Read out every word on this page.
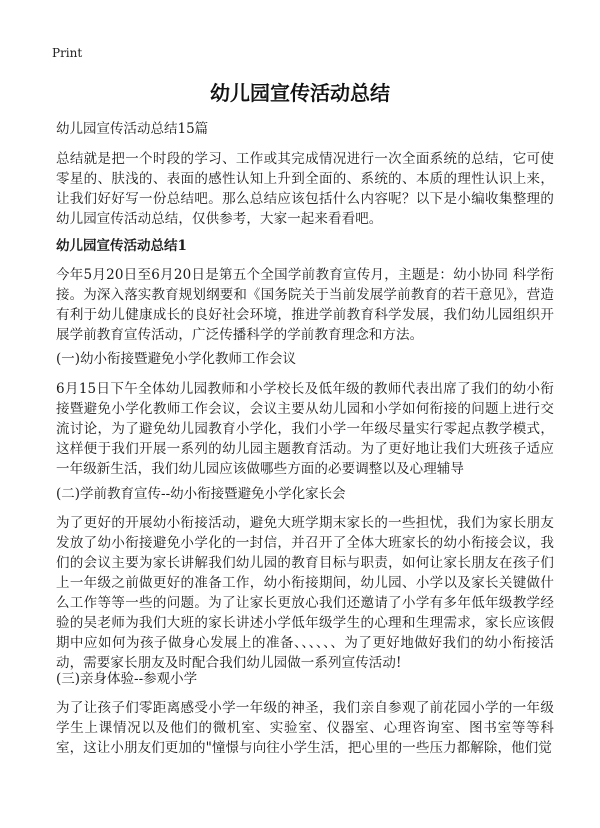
Print
幼儿园宣传活动总结
幼儿园宣传活动总结15篇
总结就是把一个时段的学习、工作或其完成情况进行一次全面系统的总结，它可使零星的、肤浅的、表面的感性认知上升到全面的、系统的、本质的理性认识上来，让我们好好写一份总结吧。那么总结应该包括什么内容呢？以下是小编收集整理的幼儿园宣传活动总结，仅供参考，大家一起来看看吧。
幼儿园宣传活动总结1
今年5月20日至6月20日是第五个全国学前教育宣传月，主题是：幼小协同 科学衔接。为深入落实教育规划纲要和《国务院关于当前发展学前教育的若干意见》，营造有利于幼儿健康成长的良好社会环境，推进学前教育科学发展，我们幼儿园组织开展学前教育宣传活动，广泛传播科学的学前教育理念和方法。
(一)幼小衔接暨避免小学化教师工作会议
6月15日下午全体幼儿园教师和小学校长及低年级的教师代表出席了我们的幼小衔接暨避免小学化教师工作会议，会议主要从幼儿园和小学如何衔接的问题上进行交流讨论，为了避免幼儿园教育小学化，我们小学一年级尽量实行零起点教学模式，这样便于我们开展一系列的幼儿园主题教育活动。为了更好地让我们大班孩子适应一年级新生活，我们幼儿园应该做哪些方面的必要调整以及心理辅导
(二)学前教育宣传--幼小衔接暨避免小学化家长会
为了更好的开展幼小衔接活动，避免大班学期末家长的一些担忧，我们为家长朋友发放了幼小衔接避免小学化的一封信，并召开了全体大班家长的幼小衔接会议，我们的会议主要为家长讲解我们幼儿园的教育目标与职责，如何让家长朋友在孩子们上一年级之前做更好的准备工作，幼小衔接期间，幼儿园、小学以及家长关键做什么工作等等一些的问题。为了让家长更放心我们还邀请了小学有多年低年级教学经验的吴老师为我们大班的家长讲述小学低年级学生的心理和生理需求，家长应该假期中应如何为孩子做身心发展上的准备、、、、、、为了更好地做好我们的幼小衔接活动，需要家长朋友及时配合我们幼儿园做一系列宣传活动!
(三)亲身体验--参观小学
为了让孩子们零距离感受小学一年级的神圣，我们亲自参观了前花园小学的一年级学生上课情况以及他们的微机室、实验室、仪器室、心理咨询室、图书室等等科室，这让小朋友们更加的"憧憬与向往小学生活，把心里的一些压力都解除，他们觉
